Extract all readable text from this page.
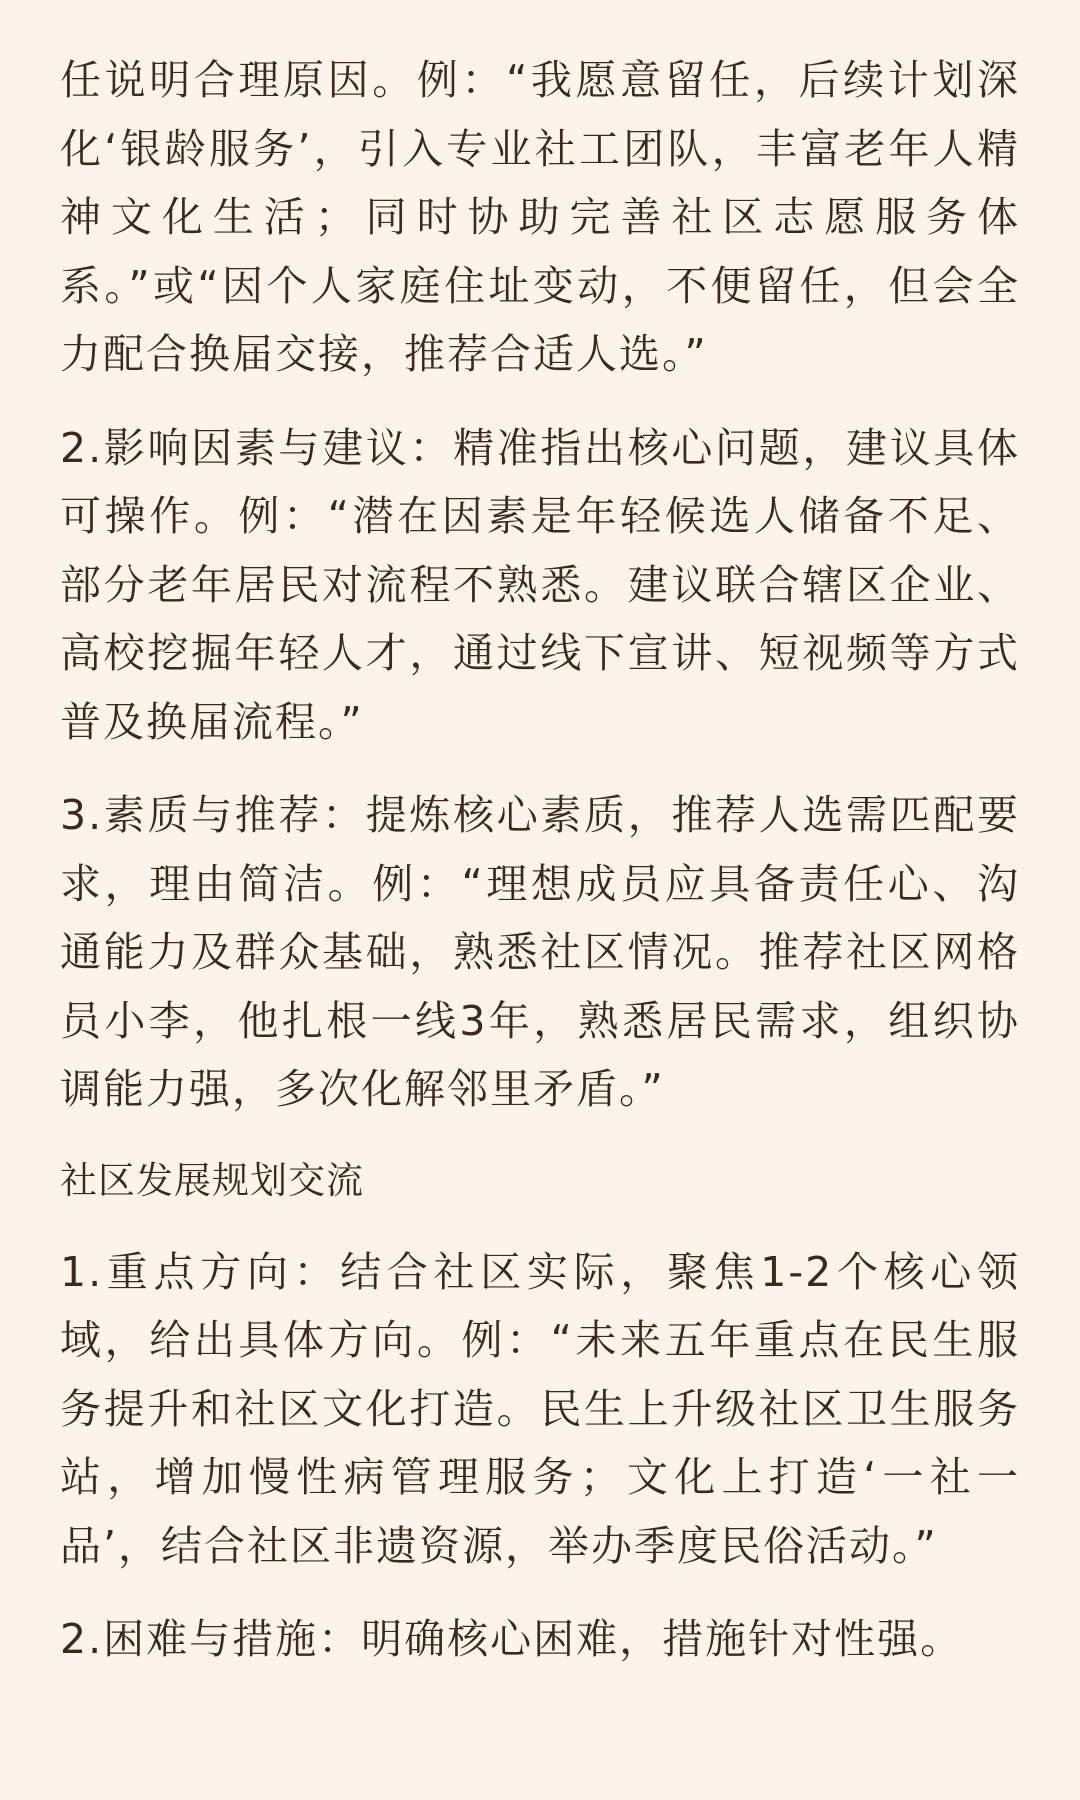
任说明合理原因。例：“我愿意留任，后续计划深化‘银龄服务’，引入专业社工团队，丰富老年人精神文化生活；同时协助完善社区志愿服务体系。”或“因个人家庭住址变动，不便留任，但会全力配合换届交接，推荐合适人选。”

2.影响因素与建议：精准指出核心问题，建议具体可操作。例：“潜在因素是年轻候选人储备不足、部分老年居民对流程不熟悉。建议联合辖区企业、高校挖掘年轻人才，通过线下宣讲、短视频等方式普及换届流程。”

3.素质与推荐：提炼核心素质，推荐人选需匹配要求，理由简洁。例：“理想成员应具备责任心、沟通能力及群众基础，熟悉社区情况。推荐社区网格员小李，他扎根一线3年，熟悉居民需求，组织协调能力强，多次化解邻里矛盾。”

社区发展规划交流

1.重点方向：结合社区实际，聚焦1-2个核心领域，给出具体方向。例：“未来五年重点在民生服务提升和社区文化打造。民生上升级社区卫生服务站，增加慢性病管理服务；文化上打造‘一社一品’，结合社区非遗资源，举办季度民俗活动。”

2.困难与措施：明确核心困难，措施针对性强。
